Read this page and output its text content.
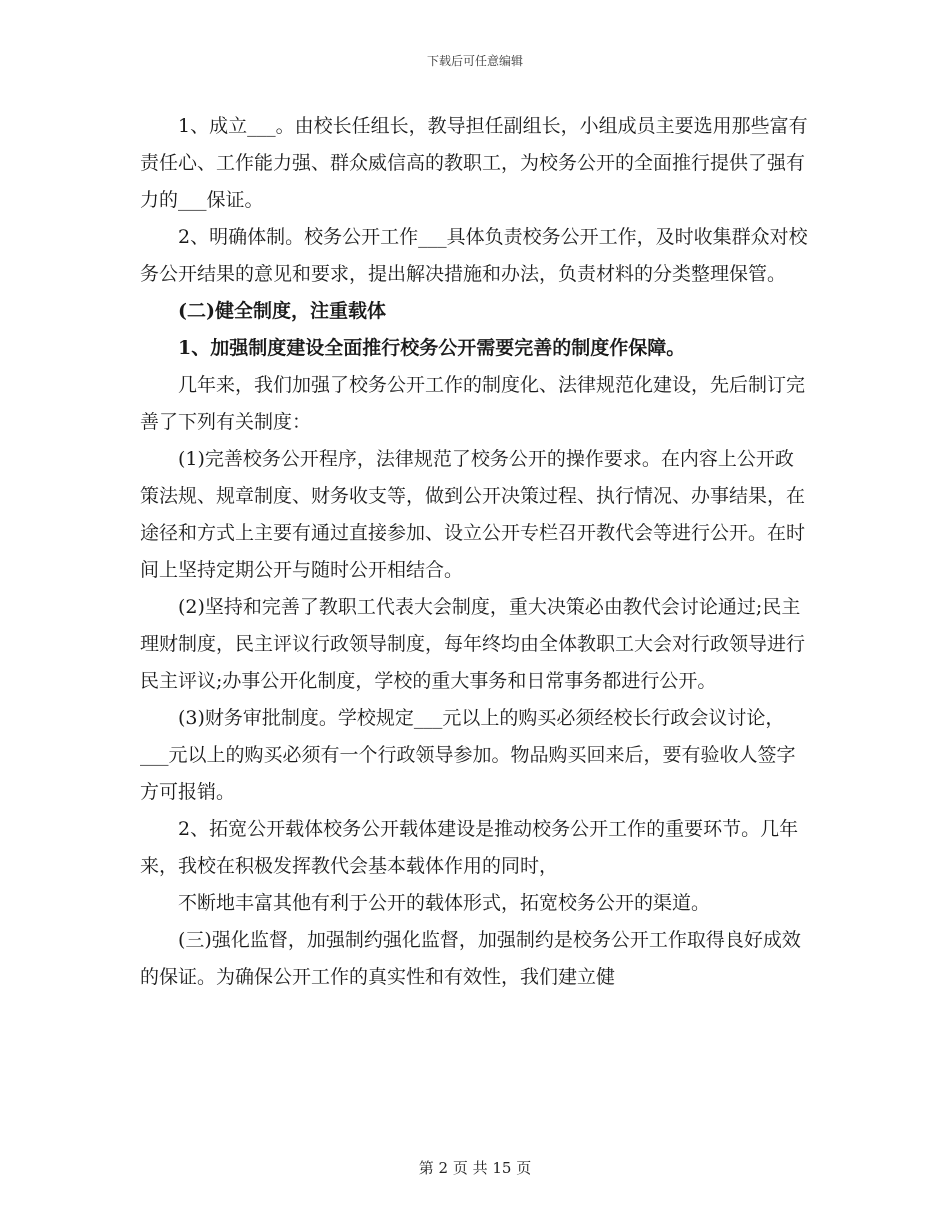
下载后可任意编辑

1、成立___。由校长任组长，教导担任副组长，小组成员主要选用那些富有责任心、工作能力强、群众威信高的教职工，为校务公开的全面推行提供了强有力的___保证。

2、明确体制。校务公开工作___具体负责校务公开工作，及时收集群众对校务公开结果的意见和要求，提出解决措施和办法，负责材料的分类整理保管。

(二)健全制度，注重载体

1、加强制度建设全面推行校务公开需要完善的制度作保障。

几年来，我们加强了校务公开工作的制度化、法律规范化建设，先后制订完善了下列有关制度：

(1)完善校务公开程序，法律规范了校务公开的操作要求。在内容上公开政策法规、规章制度、财务收支等，做到公开决策过程、执行情况、办事结果，在途径和方式上主要有通过直接参加、设立公开专栏召开教代会等进行公开。在时间上坚持定期公开与随时公开相结合。

(2)坚持和完善了教职工代表大会制度，重大决策必由教代会讨论通过;民主理财制度，民主评议行政领导制度，每年终均由全体教职工大会对行政领导进行民主评议;办事公开化制度，学校的重大事务和日常事务都进行公开。

(3)财务审批制度。学校规定___元以上的购买必须经校长行政会议讨论，___元以上的购买必须有一个行政领导参加。物品购买回来后，要有验收人签字方可报销。

2、拓宽公开载体校务公开载体建设是推动校务公开工作的重要环节。几年来，我校在积极发挥教代会基本载体作用的同时，

不断地丰富其他有利于公开的载体形式，拓宽校务公开的渠道。

(三)强化监督，加强制约强化监督，加强制约是校务公开工作取得良好成效的保证。为确保公开工作的真实性和有效性，我们建立健

第 2 页 共 15 页
